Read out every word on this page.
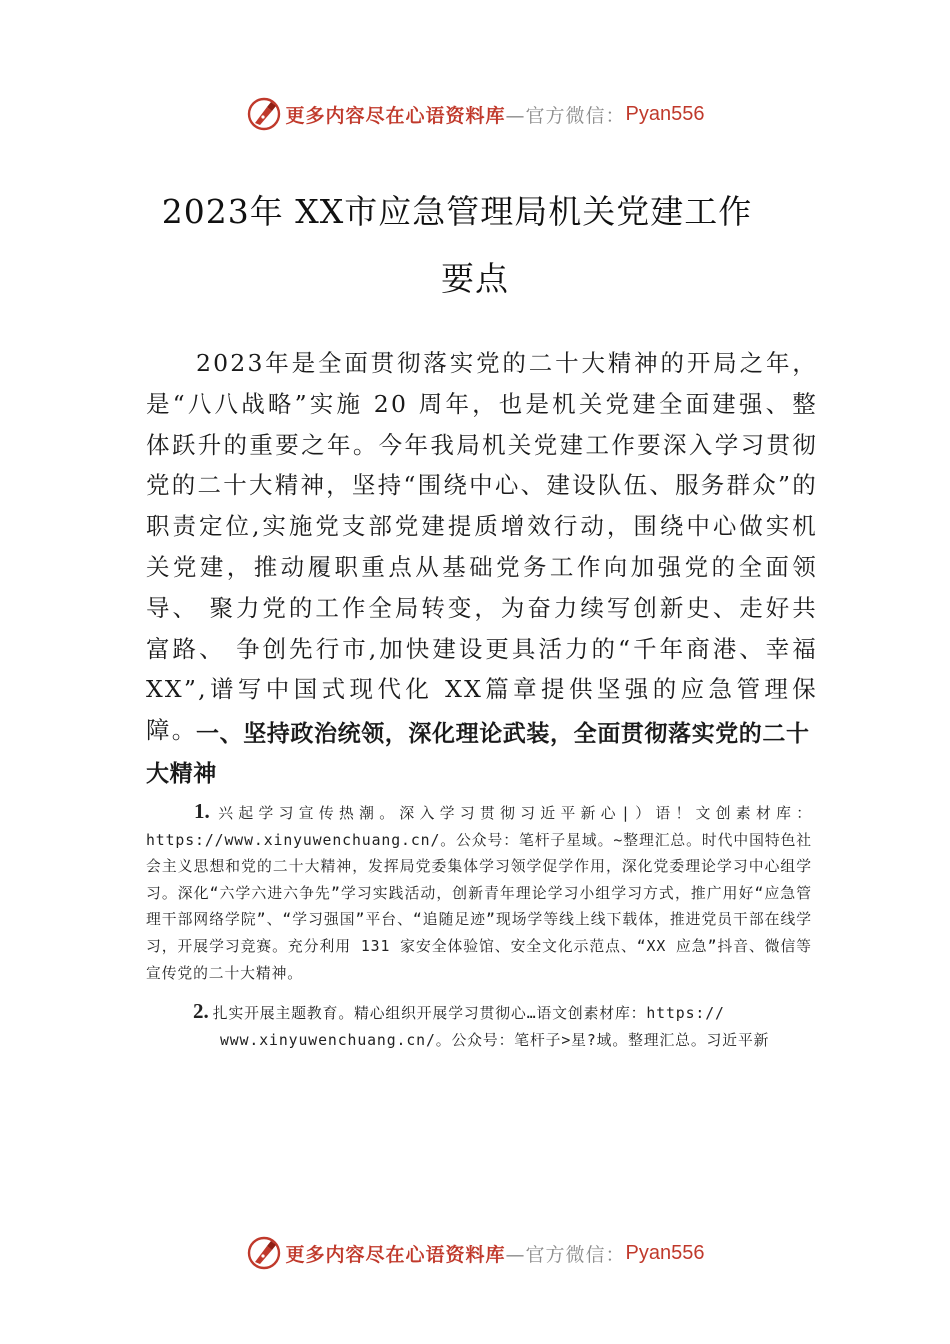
更多内容尽在心语资料库 —官方微信： Pyan556
2023年 XX市应急管理局机关党建工作
要点

2023年是全面贯彻落实党的二十大精神的开局之年，是“八八战略”实施 20 周年，也是机关党建全面建强、整体跃升的重要之年。今年我局机关党建工作要深入学习贯彻党的二十大精神，坚持“围绕中心、建设队伍、服务群众”的职责定位,实施党支部党建提质增效行动，围绕中心做实机关党建，推动履职重点从基础党务工作向加强党的全面领导、 聚力党的工作全局转变，为奋力续写创新史、走好共富路、 争创先行市,加快建设更具活力的“千年商港、幸福 XX”,谱写中国式现代化 XX篇章提供坚强的应急管理保障。

一、坚持政治统领，深化理论武装，全面贯彻落实党的二十大精神

1. 兴起学习宣传热潮。深入学习贯彻习近平新心|）语！文创素材库：https://www.xinyuwenchuang.cn/。公众号：笔杆子星域。~整理汇总。时代中国特色社会主义思想和党的二十大精神，发挥局党委集体学习领学促学作用，深化党委理论学习中心组学习。深化“六学六进六争先”学习实践活动，创新青年理论学习小组学习方式，推广用好“应急管理干部网络学院”、“学习强国”平台、“追随足迹”现场学等线上线下载体，推进党员干部在线学习，开展学习竞赛。充分利用 131 家安全体验馆、安全文化示范点、“XX 应急”抖音、微信等宣传党的二十大精神。

2. 扎实开展主题教育。精心组织开展学习贯彻心…语文创素材库：https://
www.xinyuwenchuang.cn/。公众号：笔杆子>星?域。整理汇总。习近平新

更多内容尽在心语资料库 —官方微信： Pyan556
